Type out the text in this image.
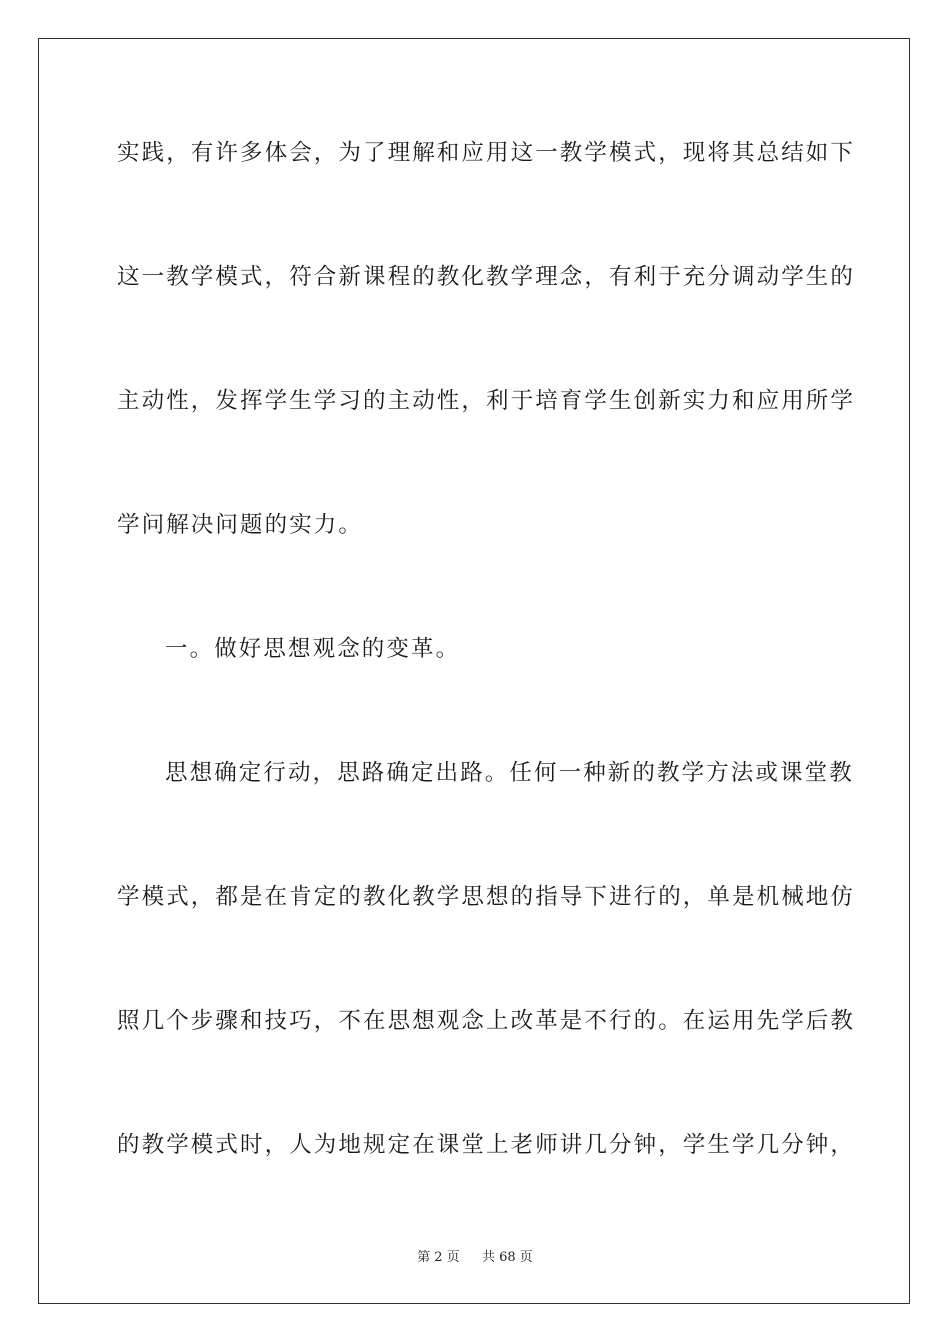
实践，有许多体会，为了理解和应用这一教学模式，现将其总结如下
这一教学模式，符合新课程的教化教学理念，有利于充分调动学生的
主动性，发挥学生学习的主动性，利于培育学生创新实力和应用所学
学问解决问题的实力。
一。做好思想观念的变革。
思想确定行动，思路确定出路。任何一种新的教学方法或课堂教
学模式，都是在肯定的教化教学思想的指导下进行的，单是机械地仿
照几个步骤和技巧，不在思想观念上改革是不行的。在运用先学后教
的教学模式时，人为地规定在课堂上老师讲几分钟，学生学几分钟，
第 2 页 共 68 页
